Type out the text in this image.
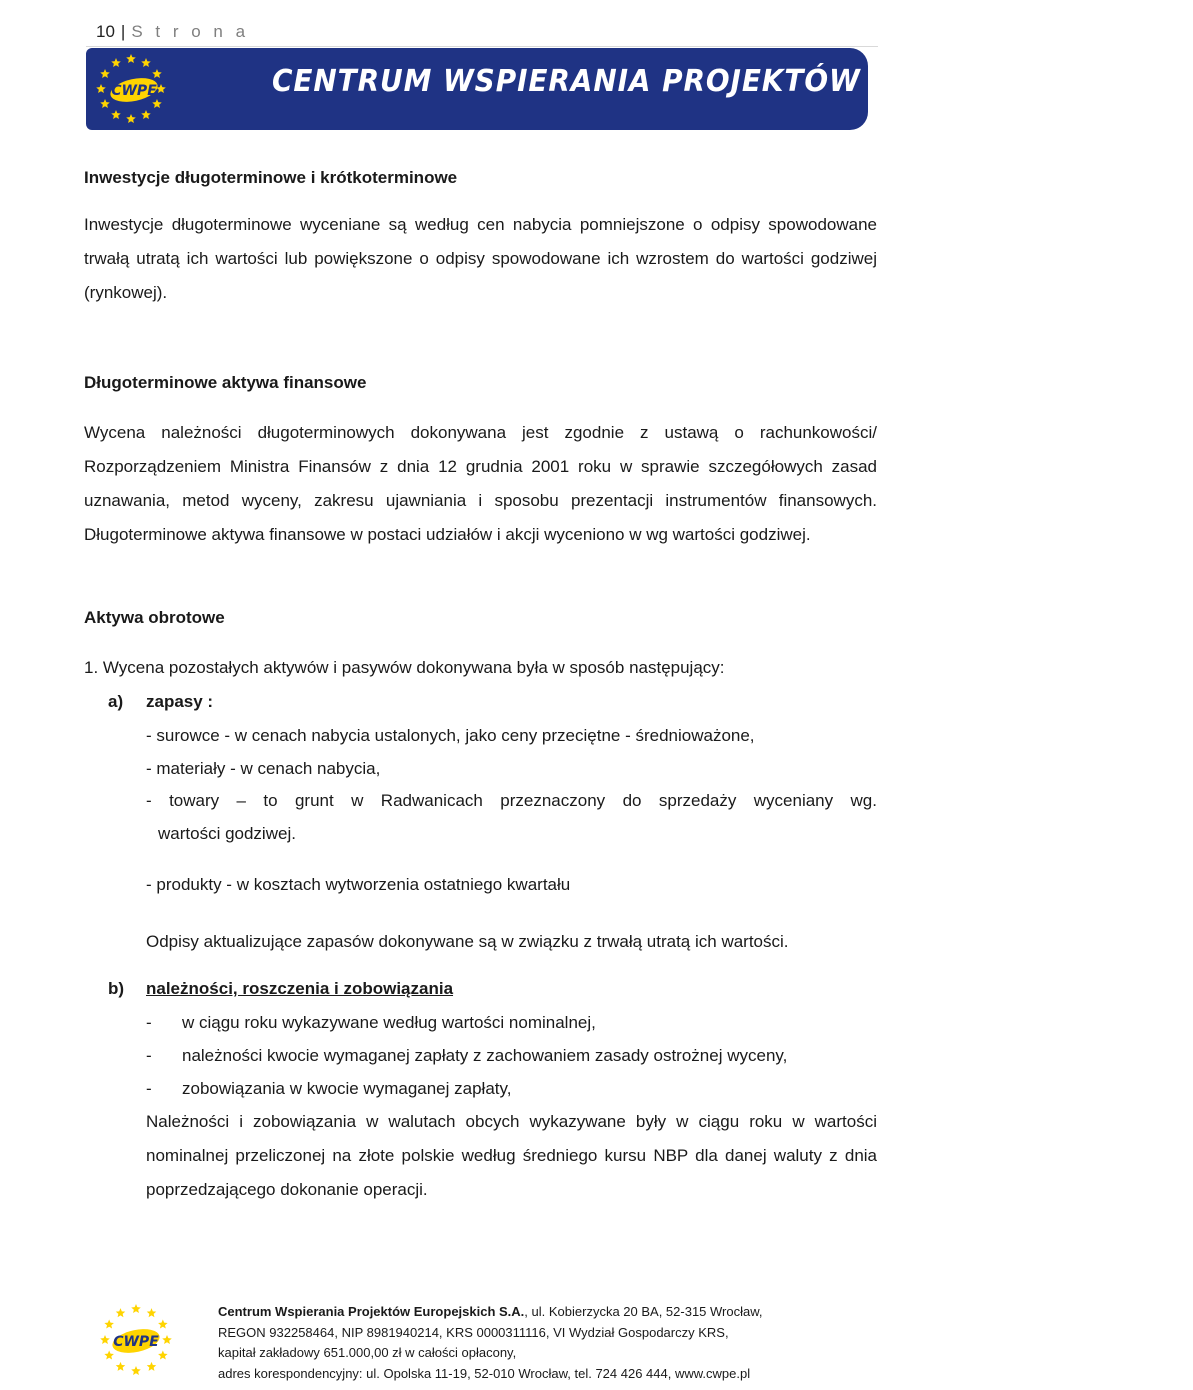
10 | S t r o n a
CWPE	CENTRUM WSPIERANIA PROJEKTÓW EUROPEJSKICH S.A.
Inwestycje długoterminowe i krótkoterminowe
Inwestycje długoterminowe wyceniane są według cen nabycia pomniejszone o odpisy spowodowane trwałą utratą ich wartości lub powiększone o odpisy spowodowane ich wzrostem do wartości godziwej (rynkowej).
Długoterminowe aktywa finansowe
Wycena należności długoterminowych dokonywana jest zgodnie z ustawą o rachunkowości/ Rozporządzeniem Ministra Finansów z dnia 12 grudnia 2001 roku w sprawie szczegółowych zasad uznawania, metod wyceny, zakresu ujawniania i sposobu prezentacji instrumentów finansowych. Długoterminowe aktywa finansowe w postaci udziałów i akcji wyceniono w wg wartości godziwej.
Aktywa obrotowe
1. Wycena pozostałych aktywów i pasywów dokonywana była w sposób następujący:
a) zapasy :
- surowce - w cenach nabycia ustalonych, jako ceny przeciętne - średnioważone,
- materiały - w cenach nabycia,
- towary – to grunt w Radwanicach przeznaczony do sprzedaży wyceniany wg.
wartości godziwej.
- produkty - w kosztach wytworzenia ostatniego kwartału
Odpisy aktualizujące zapasów dokonywane są w związku z trwałą utratą ich wartości.
b) należności, roszczenia i zobowiązania
- w ciągu roku wykazywane według wartości nominalnej,
- należności kwocie wymaganej zapłaty z zachowaniem zasady ostrożnej wyceny,
- zobowiązania w kwocie wymaganej zapłaty,
Należności i zobowiązania w walutach obcych wykazywane były w ciągu roku w wartości nominalnej przeliczonej na złote polskie według średniego kursu NBP dla danej waluty z dnia poprzedzającego dokonanie operacji.
CWPE
Centrum Wspierania Projektów Europejskich S.A., ul. Kobierzycka 20 BA, 52-315 Wrocław,
REGON 932258464, NIP 8981940214, KRS 0000311116, VI Wydział Gospodarczy KRS,
kapitał zakładowy 651.000,00 zł w całości opłacony,
adres korespondencyjny: ul. Opolska 11-19, 52-010 Wrocław, tel. 724 426 444, www.cwpe.pl
